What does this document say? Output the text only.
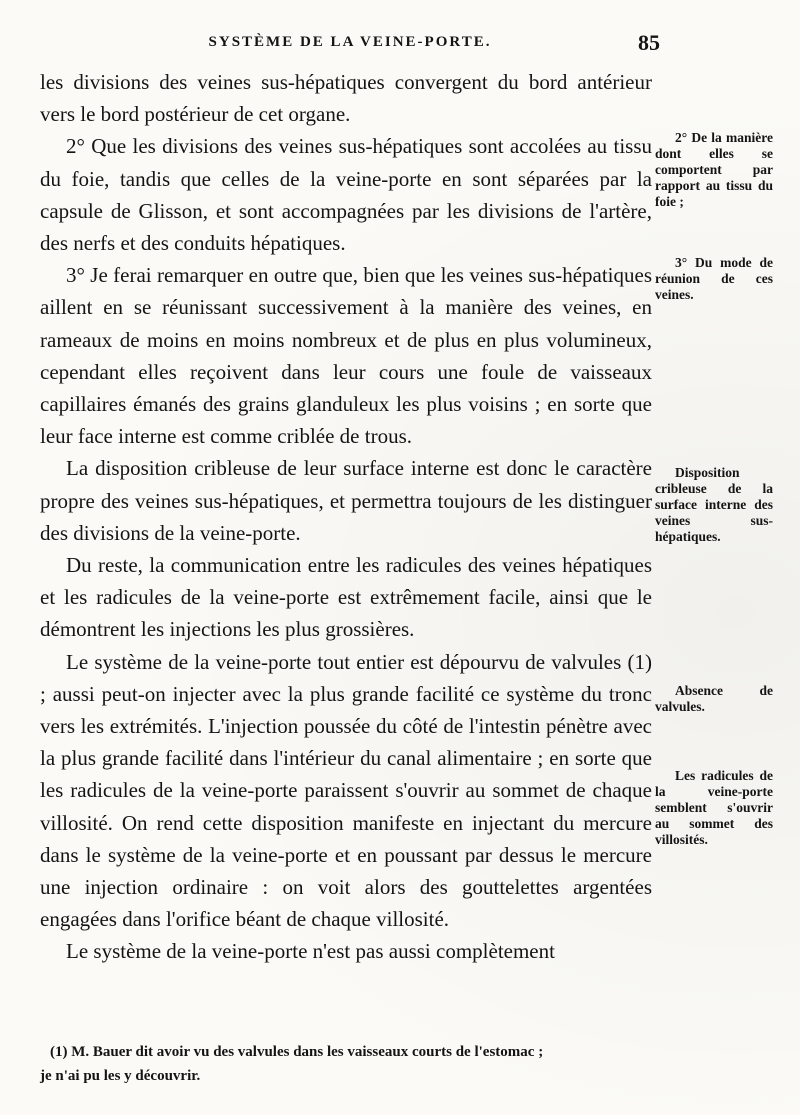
SYSTÈME DE LA VEINE-PORTE.	85

les divisions des veines sus-hépatiques convergent du bord antérieur vers le bord postérieur de cet organe.

2° Que les divisions des veines sus-hépatiques sont accolées au tissu du foie, tandis que celles de la veine-porte en sont séparées par la capsule de Glisson, et sont accompagnées par les divisions de l'artère, des nerfs et des conduits hépatiques.

3° Je ferai remarquer en outre que, bien que les veines sus-hépatiques aillent en se réunissant successivement à la manière des veines, en rameaux de moins en moins nombreux et de plus en plus volumineux, cependant elles reçoivent dans leur cours une foule de vaisseaux capillaires émanés des grains glanduleux les plus voisins ; en sorte que leur face interne est comme criblée de trous.

La disposition cribleuse de leur surface interne est donc le caractère propre des veines sus-hépatiques, et permettra toujours de les distinguer des divisions de la veine-porte.

Du reste, la communication entre les radicules des veines hépatiques et les radicules de la veine-porte est extrêmement facile, ainsi que le démontrent les injections les plus grossières.

Le système de la veine-porte tout entier est dépourvu de valvules (1) ; aussi peut-on injecter avec la plus grande facilité ce système du tronc vers les extrémités. L'injection poussée du côté de l'intestin pénètre avec la plus grande facilité dans l'intérieur du canal alimentaire ; en sorte que les radicules de la veine-porte paraissent s'ouvrir au sommet de chaque villosité. On rend cette disposition manifeste en injectant du mercure dans le système de la veine-porte et en poussant par dessus le mercure une injection ordinaire : on voit alors des gouttelettes argentées engagées dans l'orifice béant de chaque villosité.

Le système de la veine-porte n'est pas aussi complètement

2° De la manière dont elles se comportent par rapport au tissu du foie ;
3° Du mode de réunion de ces veines.
Disposition cribleuse de la surface interne des veines sus-hépatiques.
Absence de valvules.
Les radicules de la veine-porte semblent s'ouvrir au sommet des villosités.

(1) M. Bauer dit avoir vu des valvules dans les vaisseaux courts de l'estomac ;

je n'ai pu les y découvrir.
